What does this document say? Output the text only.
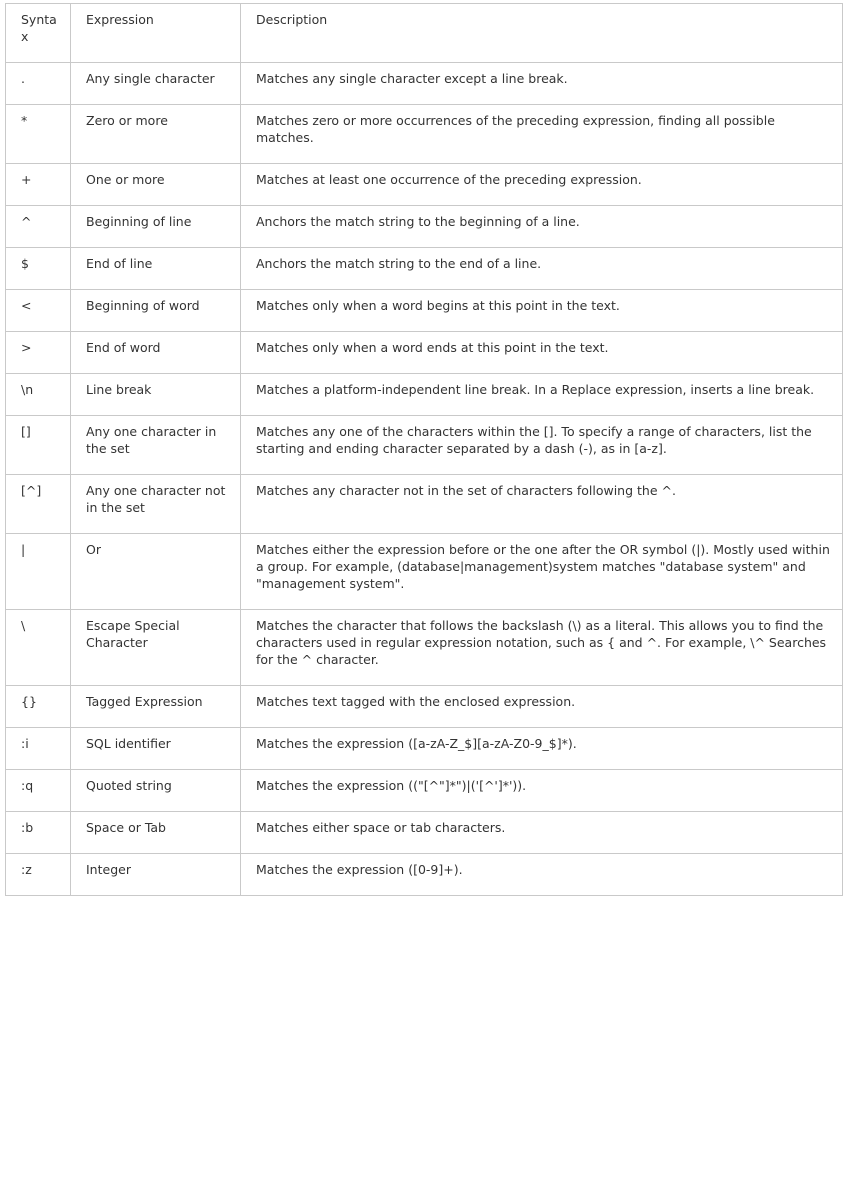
Syntax	Expression	Description
.	Any single character	Matches any single character except a line break.
*	Zero or more	Matches zero or more occurrences of the preceding expression, finding all possible matches.
+	One or more	Matches at least one occurrence of the preceding expression.
^	Beginning of line	Anchors the match string to the beginning of a line.
$	End of line	Anchors the match string to the end of a line.
<	Beginning of word	Matches only when a word begins at this point in the text.
>	End of word	Matches only when a word ends at this point in the text.
\n	Line break	Matches a platform-independent line break. In a Replace expression, inserts a line break.
[]	Any one character in the set	Matches any one of the characters within the []. To specify a range of characters, list the starting and ending character separated by a dash (-), as in [a-z].
[^]	Any one character not in the set	Matches any character not in the set of characters following the ^.
|	Or	Matches either the expression before or the one after the OR symbol (|). Mostly used within a group. For example, (database|management)system matches "database system" and "management system".
\	Escape Special Character	Matches the character that follows the backslash (\) as a literal. This allows you to find the characters used in regular expression notation, such as { and ^. For example, \^ Searches for the ^ character.
{}	Tagged Expression	Matches text tagged with the enclosed expression.
:i	SQL identifier	Matches the expression ([a-zA-Z_$][a-zA-Z0-9_$]*).
:q	Quoted string	Matches the expression (("[^"]*")|('[^']*')).
:b	Space or Tab	Matches either space or tab characters.
:z	Integer	Matches the expression ([0-9]+).
